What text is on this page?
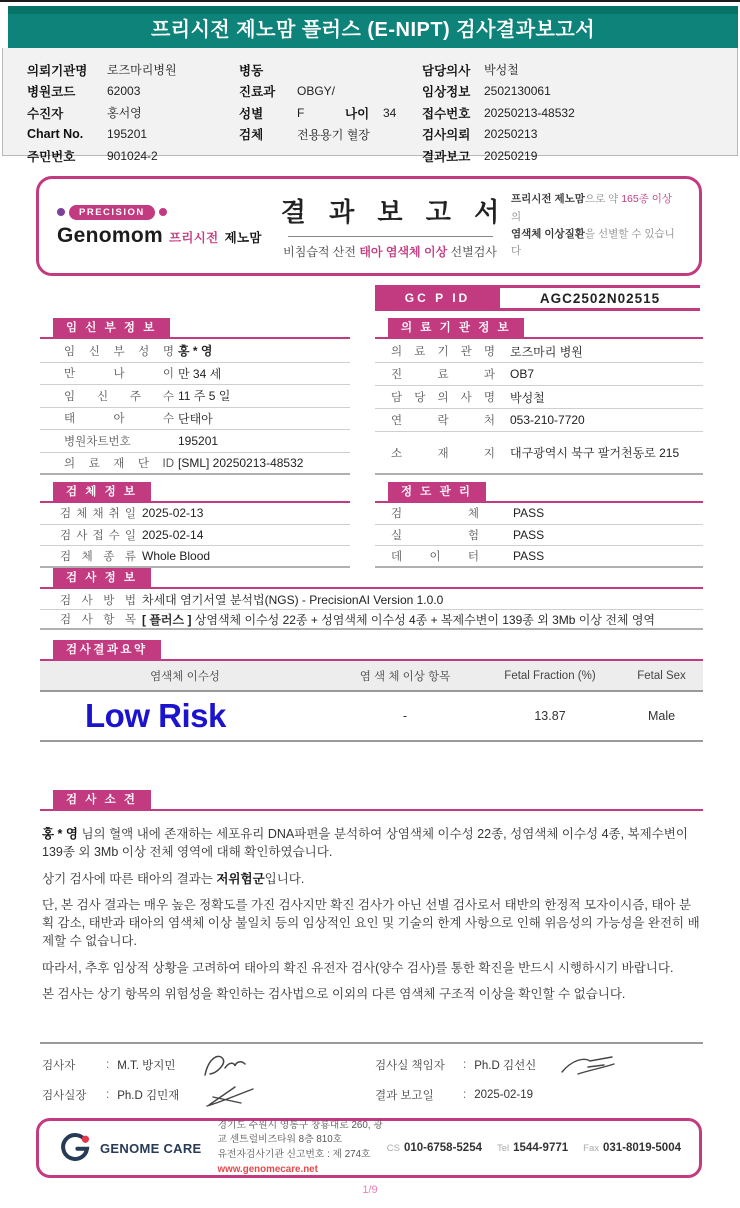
프리시전 제노맘 플러스 (E-NIPT) 검사결과보고서
의뢰기관명	로즈마리병원
병원코드	62003
수진자	홍서영
Chart No.	195201
주민번호	901024-2
병동
진료과	OBGY/
성별	F	나이	34
검체	전용용기 혈장
담당의사	박성철
임상정보	2502130061
접수번호	20250213-48532
검사의뢰	20250213
결과보고	20250219
PRECISION
Genomom 프리시전 제노맘
결 과 보 고 서
비침습적 산전 태아 염색체 이상 선별검사
프리시전 제노맘으로 약 165종 이상의
염색체 이상질환을 선별할 수 있습니다
GC P ID	AGC2502N02515
임 신 부 정 보
임 신 부 성 명 홍 * 영
만 나 이 만 34 세
임 신 주 수 11 주 5 일
태 아 수 단태아
병원차트번호	195201
의 료 재 단 ID [SML] 20250213-48532
의 료 기 관 정 보
의 료 기 관 명 로즈마리 병원
진 료 과 OB7
담 당 의 사 명 박성철
연 락 처 053-210-7720
소 재 지 대구광역시 북구 팔거천동로 215
검 체 정 보
검 체 채 취 일 2025-02-13
검 사 접 수 일 2025-02-14
검 체 종 류 Whole Blood
정 도 관 리
검 체	PASS
실 험	PASS
데 이 터	PASS
검 사 정 보
검 사 방 법 차세대 염기서열 분석법(NGS) - PrecisionAI Version 1.0.0
검 사 항 목 [ 플러스 ] 상염색체 이수성 22종 + 성염색체 이수성 4종 + 복제수변이 139종 외 3Mb 이상 전체 영역
검사결과요약
염색체 이수성	염 색 체 이상 항목	Fetal Fraction (%)	Fetal Sex
Low Risk	-	13.87	Male
검 사 소 견

홍 * 영 님의 혈액 내에 존재하는 세포유리 DNA파편을 분석하여 상염색체 이수성 22종, 성염색체 이수성 4종, 복제수변이 139종 외 3Mb 이상 전체 영역에 대해 확인하였습니다.

상기 검사에 따른 태아의 결과는 저위험군입니다.

단, 본 검사 결과는 매우 높은 정확도를 가진 검사지만 확진 검사가 아닌 선별 검사로서 태반의 한정적 모자이시즘, 태아 분획 감소, 태반과 태아의 염색체 이상 불일치 등의 임상적인 요인 및 기술의 한계 사항으로 인해 위음성의 가능성을 완전히 배제할 수 없습니다.

따라서, 추후 임상적 상황을 고려하여 태아의 확진 유전자 검사(양수 검사)를 통한 확진을 반드시 시행하시기 바랍니다.

본 검사는 상기 항목의 위험성을 확인하는 검사법으로 이외의 다른 염색체 구조적 이상을 확인할 수 없습니다.

검사자	: M.T. 방지민
검사실장	: Ph.D 김민재
검사실 책임자	: Ph.D 김선신
결과 보고일	: 2025-02-19
GENOME CARE
경기도 수원시 영통구 창룡대로 260, 광교 센트럴비즈타워 8층 810호
유전자검사기관 신고번호 : 제 274호
www.genomecare.net
CS 010-6758-5254 Tel 1544-9771 Fax 031-8019-5004
1/9
